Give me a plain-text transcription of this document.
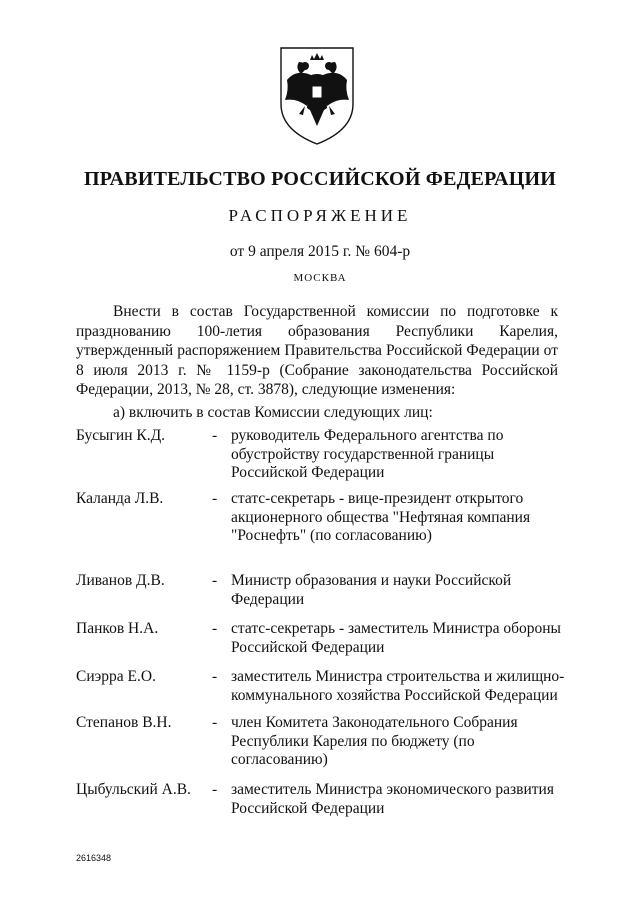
ПРАВИТЕЛЬСТВО РОССИЙСКОЙ ФЕДЕРАЦИИ
РАСПОРЯЖЕНИЕ
от 9 апреля 2015 г. № 604-р
МОСКВА

Внести в состав Государственной комиссии по подготовке к празднованию 100-летия образования Республики Карелия, утвержденный распоряжением Правительства Российской Федерации от 8 июля 2013 г. № 1159-р (Собрание законодательства Российской Федерации, 2013, № 28, ст. 3878), следующие изменения:

а) включить в состав Комиссии следующих лиц:
Бусыгин К.Д.	- руководитель Федерального агентства по обустройству государственной границы Российской Федерации
Каланда Л.В.	- статс-секретарь - вице-президент открытого акционерного общества "Нефтяная компания "Роснефть" (по согласованию)
Ливанов Д.В.	- Министр образования и науки Российской Федерации
Панков Н.А.	- статс-секретарь - заместитель Министра обороны Российской Федерации
Сиэрра Е.О.	- заместитель Министра строительства и жилищно-коммунального хозяйства Российской Федерации
Степанов В.Н.	- член Комитета Законодательного Собрания Республики Карелия по бюджету (по согласованию)
Цыбульский А.В. - заместитель Министра экономического развития Российской Федерации
2616348
